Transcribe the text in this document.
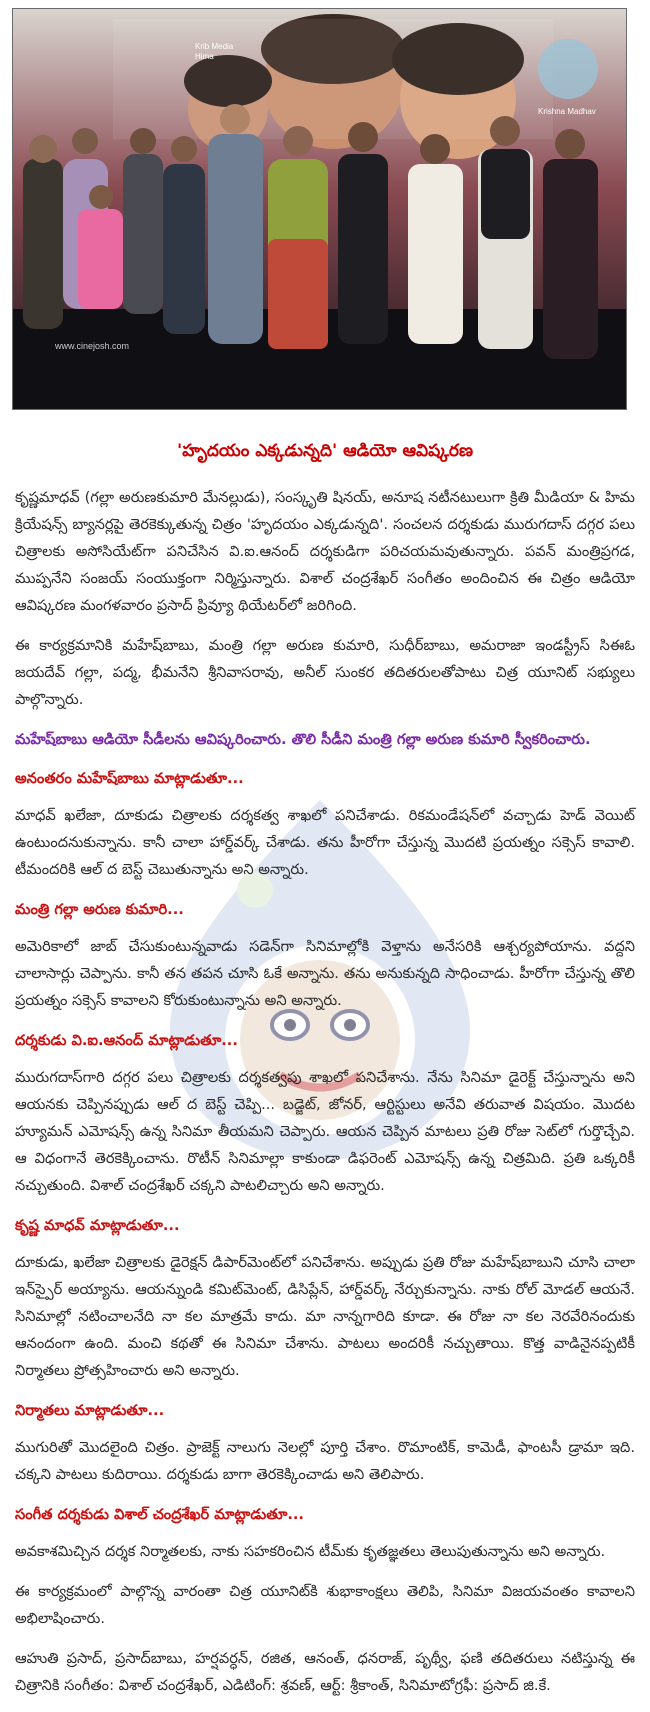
Krib Media
Hima
Krishna Madhav
www.cinejosh.com
'హృదయం ఎక్కడున్నది' ఆడియో ఆవిష్కరణ

కృష్ణమాధవ్ (గల్లా అరుణకుమారి మేనల్లుడు), సంస్కృతి షినయ్, అనూష నటీనటులుగా క్రితి మీడియా & హిమ క్రియేషన్స్ బ్యానర్లపై తెరకెక్కుతున్న చిత్రం 'హృదయం ఎక్కడున్నది'. సంచలన దర్శకుడు మురుగదాస్ దగ్గర పలు చిత్రాలకు అసోసియేట్‌గా పనిచేసిన వి.ఐ.ఆనంద్ దర్శకుడిగా పరిచయమవుతున్నారు. పవన్ మంత్రిప్రగడ, ముప్పనేని సంజయ్ సంయుక్తంగా నిర్మిస్తున్నారు. విశాల్ చంద్రశేఖర్ సంగీతం అందించిన ఈ చిత్రం ఆడియో ఆవిష్కరణ మంగళవారం ప్రసాద్ ప్రివ్యూ థియేటర్‌లో జరిగింది.

ఈ కార్యక్రమానికి మహేష్‌బాబు, మంత్రి గల్లా అరుణ కుమారి, సుధీర్‌బాబు, అమరాజా ఇండస్ట్రీస్ సిఈఓ జయదేవ్ గల్లా, పద్మ, భీమనేని శ్రీనివాసరావు, అనీల్ సుంకర తదితరులతోపాటు చిత్ర యూనిట్ సభ్యులు పాల్గొన్నారు.

మహేష్‌బాబు ఆడియో సీడీలను ఆవిష్కరించారు. తొలి సీడీని మంత్రి గల్లా అరుణ కుమారి స్వీకరించారు.

అనంతరం మహేష్‌బాబు మాట్లాడుతూ...

మాధవ్ ఖలేజా, దూకుడు చిత్రాలకు దర్శకత్వ శాఖలో పనిచేశాడు. రికమండేషన్‌లో వచ్చాడు హెడ్ వెయిట్ ఉంటుందనుకున్నాను. కానీ చాలా హార్డ్‌వర్క్ చేశాడు. తను హీరోగా చేస్తున్న మొదటి ప్రయత్నం సక్సెస్ కావాలి. టీమందరికి ఆల్ ద బెస్ట్ చెబుతున్నాను అని అన్నారు.

మంత్రి గల్లా అరుణ కుమారి...

అమెరికాలో జాబ్ చేసుకుంటున్నవాడు సడెన్‌గా సినిమాల్లోకి వెళ్తాను అనేసరికి ఆశ్చర్యపోయాను. వద్దని చాలాసార్లు చెప్పాను. కానీ తన తపన చూసి ఓకే అన్నాను. తను అనుకున్నది సాధించాడు. హీరోగా చేస్తున్న తొలి ప్రయత్నం సక్సెస్ కావాలని కోరుకుంటున్నాను అని అన్నారు.

దర్శకుడు వి.ఐ.ఆనంద్ మాట్లాడుతూ...

మురుగదాస్‌గారి దగ్గర పలు చిత్రాలకు దర్శకత్వపు శాఖలో పనిచేశాను. నేను సినిమా డైరెక్ట్ చేస్తున్నాను అని ఆయనకు చెప్పినప్పుడు ఆల్ ద బెస్ట్ చెప్పి... బడ్జెట్, జోనర్, ఆర్టిస్టులు అనేవి తరువాత విషయం. మొదట హ్యూమన్ ఎమోషన్స్ ఉన్న సినిమా తీయమని చెప్పారు. ఆయన చెప్పిన మాటలు ప్రతి రోజు సెట్‌లో గుర్తొచ్చేవి. ఆ విధంగానే తెరకెక్కించాను. రొటీన్ సినిమాల్లా కాకుండా డిఫరెంట్ ఎమోషన్స్ ఉన్న చిత్రమిది. ప్రతి ఒక్కరికీ నచ్చుతుంది. విశాల్ చంద్రశేఖర్ చక్కని పాటలిచ్చారు అని అన్నారు.

కృష్ణ మాధవ్ మాట్లాడుతూ...

దూకుడు, ఖలేజా చిత్రాలకు డైరెక్షన్ డిపార్‌మెంట్‌లో పనిచేశాను. అప్పుడు ప్రతి రోజు మహేష్‌బాబుని చూసి చాలా ఇన్‌స్పైర్ అయ్యాను. ఆయన్నుండి కమిట్‌మెంట్, డిసిప్లేన్, హార్డ్‌వర్క్ నేర్చుకున్నాను. నాకు రోల్ మోడల్ ఆయనే. సినిమాల్లో నటించాలనేది నా కల మాత్రమే కాదు. మా నాన్నగారిది కూడా. ఈ రోజు నా కల నెరవేరినందుకు ఆనందంగా ఉంది. మంచి కథతో ఈ సినిమా చేశాను. పాటలు అందరికీ నచ్చుతాయి. కొత్త వాడినైనప్పటికీ నిర్మాతలు ప్రోత్సహించారు అని అన్నారు.

నిర్మాతలు మాట్లాడుతూ...

ముగురితో మొదలైంది చిత్రం. ప్రాజెక్ట్ నాలుగు నెలల్లో పూర్తి చేశాం. రొమాంటిక్, కామెడీ, ఫాంటసీ డ్రామా ఇది. చక్కని పాటలు కుదిరాయి. దర్శకుడు బాగా తెరకెక్కించాడు అని తెలిపారు.

సంగీత దర్శకుడు విశాల్ చంద్రశేఖర్ మాట్లాడుతూ...

అవకాశమిచ్చిన దర్శక నిర్మాతలకు, నాకు సహకరించిన టీమ్‌కు కృతజ్ఞతలు తెలుపుతున్నాను అని అన్నారు.

ఈ కార్యక్రమంలో పాల్గొన్న వారంతా చిత్ర యూనిట్‌కి శుభాకాంక్షలు తెలిపి, సినిమా విజయవంతం కావాలని అభిలాషించారు.

ఆహుతి ప్రసాద్, ప్రసాద్‌బాబు, హర్షవర్ధన్, రజిత, ఆనంత్, ధనరాజ్, పృథ్వీ, ఫణి తదితరులు నటిస్తున్న ఈ చిత్రానికి సంగీతం: విశాల్ చంద్రశేఖర్, ఎడిటింగ్: శ్రవణ్, ఆర్ట్: శ్రీకాంత్, సినిమాటోగ్రఫీ: ప్రసాద్ జి.కే.
